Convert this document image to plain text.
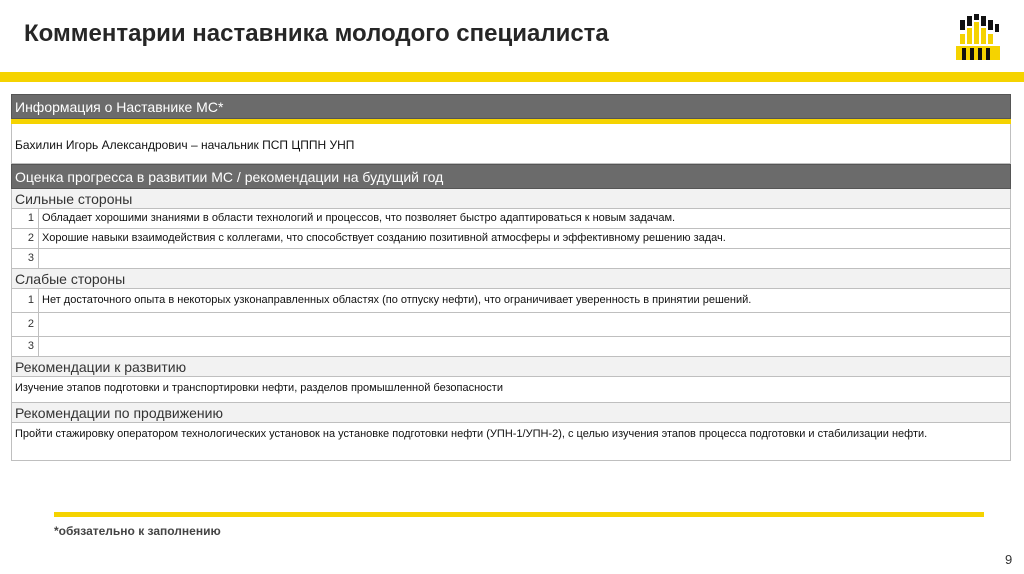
Комментарии наставника молодого специалиста
Информация о Наставнике МС*
Бахилин Игорь Александрович – начальник ПСП ЦППН УНП
Оценка прогресса в развитии МС / рекомендации на будущий год
Сильные стороны
1 Обладает хорошими знаниями в области технологий и процессов, что позволяет быстро адаптироваться к новым задачам.
2 Хорошие навыки взаимодействия с коллегами, что способствует созданию позитивной атмосферы и эффективному решению задач.
3
Слабые стороны
1 Нет достаточного опыта в некоторых узконаправленных областях (по отпуску нефти), что ограничивает уверенность в принятии решений.
2
3
Рекомендации к развитию
Изучение этапов подготовки и транспортировки нефти, разделов промышленной безопасности
Рекомендации по продвижению
Пройти стажировку оператором технологических установок на установке подготовки нефти (УПН-1/УПН-2), с целью изучения этапов процесса подготовки и стабилизации нефти.
*обязательно к заполнению
9
